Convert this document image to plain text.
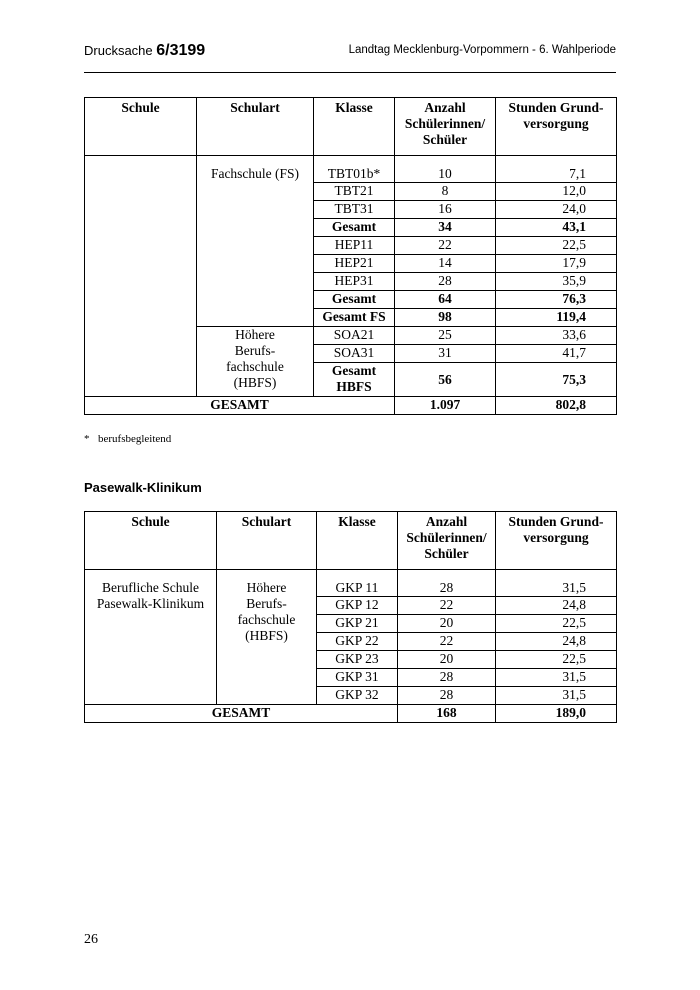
Drucksache 6/3199	Landtag Mecklenburg-Vorpommern - 6. Wahlperiode
Schule	Schulart	Klasse	Anzahl
Schülerinnen/
Schüler	Stunden Grund-
versorgung
	Fachschule (FS)	TBT01b*	10	7,1
		TBT21	8	12,0
		TBT31	16	24,0
		Gesamt	34	43,1
		HEP11	22	22,5
		HEP21	14	17,9
		HEP31	28	35,9
		Gesamt	64	76,3
		Gesamt FS	98	119,4
	Höhere
Berufs-
fachschule
(HBFS)	SOA21	25	33,6
		SOA31	31	41,7
		Gesamt
HBFS	56	75,3
GESAMT			1.097	802,8
* berufsbegleitend
Pasewalk-Klinikum
Schule	Schulart	Klasse	Anzahl
Schülerinnen/
Schüler	Stunden Grund-
versorgung
Berufliche Schule
Pasewalk-Klinikum	Höhere
Berufs-
fachschule
(HBFS)	GKP 11	28	31,5
		GKP 12	22	24,8
		GKP 21	20	22,5
		GKP 22	22	24,8
		GKP 23	20	22,5
		GKP 31	28	31,5
		GKP 32	28	31,5
GESAMT			168	189,0
26
